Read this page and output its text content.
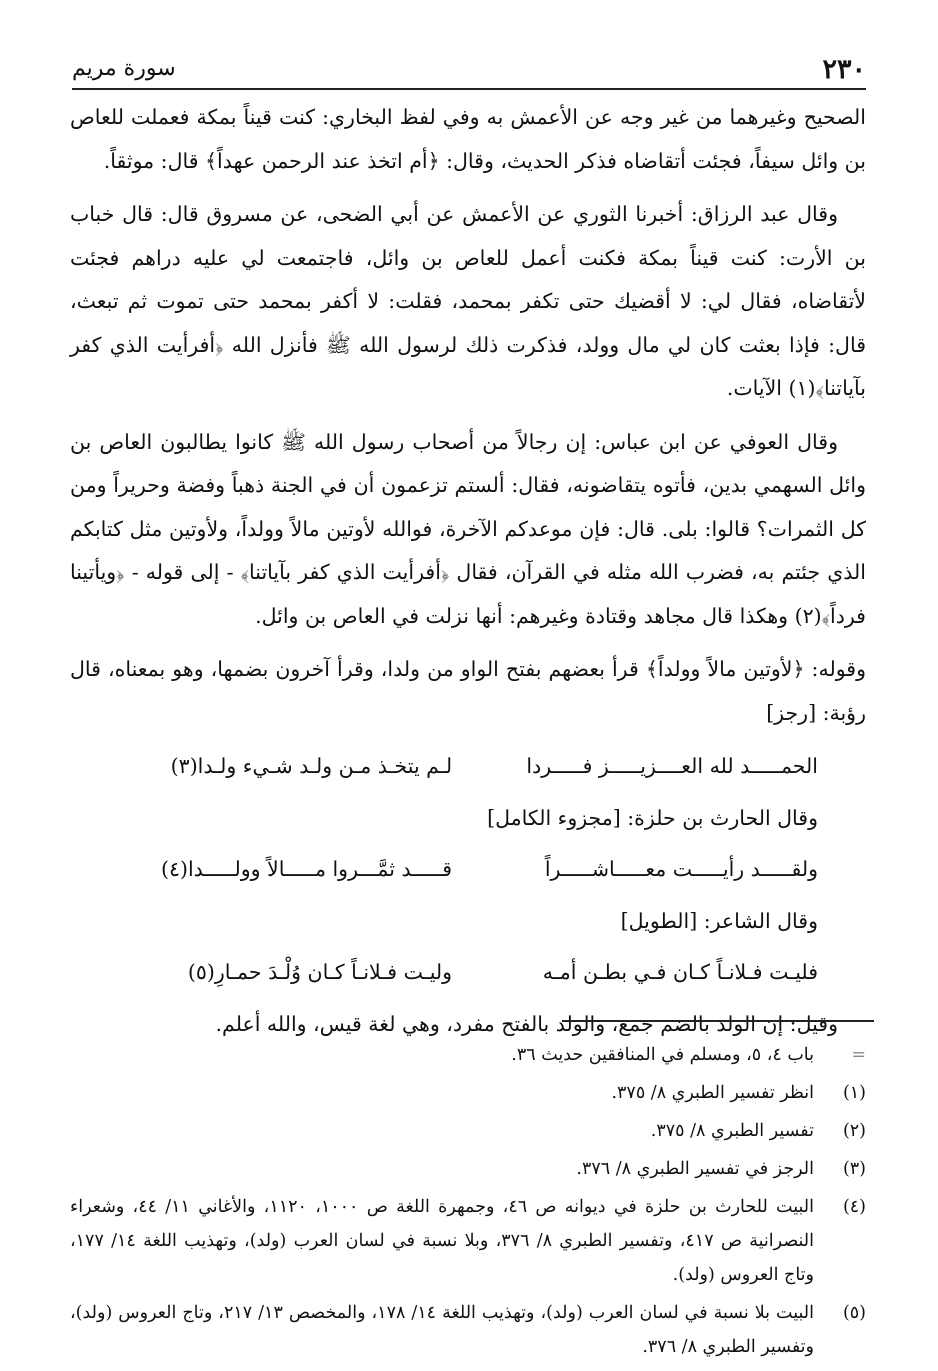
٢٣٠
سورة مريم

الصحيح وغيرهما من غير وجه عن الأعمش به وفي لفظ البخاري: كنت قيناً بمكة فعملت للعاص بن وائل سيفاً، فجئت أتقاضاه فذكر الحديث، وقال: ﴿أم اتخذ عند الرحمن عهداً﴾ قال: موثقاً.

وقال عبد الرزاق: أخبرنا الثوري عن الأعمش عن أبي الضحى، عن مسروق قال: قال خباب بن الأرت: كنت قيناً بمكة فكنت أعمل للعاص بن وائل، فاجتمعت لي عليه دراهم فجئت لأتقاضاه، فقال لي: لا أقضيك حتى تكفر بمحمد، فقلت: لا أكفر بمحمد حتى تموت ثم تبعث، قال: فإذا بعثت كان لي مال وولد، فذكرت ذلك لرسول الله ﷺ فأنزل الله ﴿أفرأيت الذي كفر بآياتنا﴾(١) الآيات.

وقال العوفي عن ابن عباس: إن رجالاً من أصحاب رسول الله ﷺ كانوا يطالبون العاص بن وائل السهمي بدين، فأتوه يتقاضونه، فقال: ألستم تزعمون أن في الجنة ذهباً وفضة وحريراً ومن كل الثمرات؟ قالوا: بلى. قال: فإن موعدكم الآخرة، فوالله لأوتين مالاً وولداً، ولأوتين مثل كتابكم الذي جئتم به، فضرب الله مثله في القرآن، فقال ﴿أفرأيت الذي كفر بآياتنا﴾ - إلى قوله - ﴿ويأتينا فرداً﴾(٢) وهكذا قال مجاهد وقتادة وغيرهم: أنها نزلت في العاص بن وائل.

وقوله: ﴿لأوتين مالاً وولداً﴾ قرأ بعضهم بفتح الواو من ولدا، وقرأ آخرون بضمها، وهو بمعناه، قال رؤبة: [رجز]

الحمـــــد لله العــــزيـــــز فـــــردا
لـم يتخـذ مـن ولـد شـيء ولـدا(٣)
وقال الحارث بن حلزة: [مجزوء الكامل]
ولقـــــد رأيـــــت معـــــاشـــــراً
قـــــد ثمَّـــروا مـــــالاً وولـــــدا(٤)
وقال الشاعر: [الطويل]
فليـت فـلانـاً كـان فـي بطـن أمـه
وليـت فـلانـاً كـان وُلْـدَ حمـارِ(٥)

وقيل: إن الولد بالضم جمع، والولد بالفتح مفرد، وهي لغة قيس، والله أعلم.

=
باب ٤، ٥، ومسلم في المنافقين حديث ٣٦.
(١)
انظر تفسير الطبري ٨/ ٣٧٥.
(٢)
تفسير الطبري ٨/ ٣٧٥.
(٣)
الرجز في تفسير الطبري ٨/ ٣٧٦.
(٤)
البيت للحارث بن حلزة في ديوانه ص ٤٦، وجمهرة اللغة ص ١٠٠٠، ١١٢٠، والأغاني ١١/ ٤٤، وشعراء النصرانية ص ٤١٧، وتفسير الطبري ٨/ ٣٧٦، وبلا نسبة في لسان العرب (ولد)، وتهذيب اللغة ١٤/ ١٧٧، وتاج العروس (ولد).
(٥)
البيت بلا نسبة في لسان العرب (ولد)، وتهذيب اللغة ١٤/ ١٧٨، والمخصص ١٣/ ٢١٧، وتاج العروس (ولد)، وتفسير الطبري ٨/ ٣٧٦.
